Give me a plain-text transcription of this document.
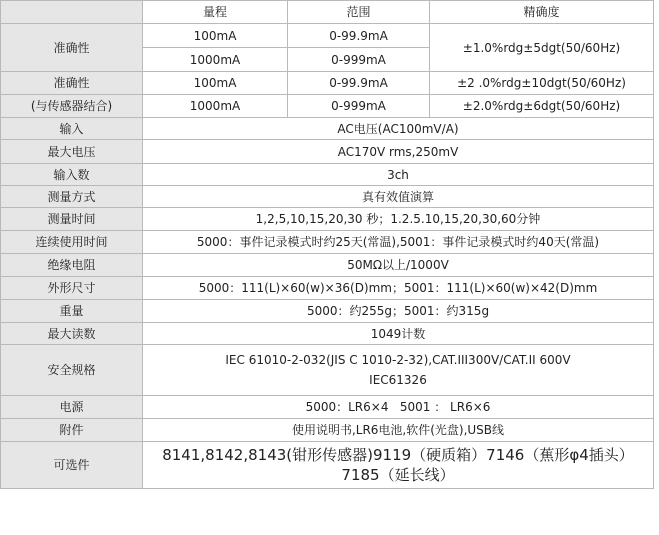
	量程	范围	精确度
准确性	100mA	0-99.9mA	±1.0%rdg±5dgt(50/60Hz)
	1000mA	0-999mA	
准确性	100mA	0-99.9mA	±2 .0%rdg±10dgt(50/60Hz)
(与传感器结合)	1000mA	0-999mA	±2.0%rdg±6dgt(50/60Hz)
输入	AC电压(AC100mV/A)		
最大电压	AC170V rms,250mV		
输入数	3ch		
测量方式	真有效值演算		
测量时间	1,2,5,10,15,20,30 秒；1.2.5.10,15,20,30,60分钟		
连续使用时间	5000：事件记录模式时约25天(常温),5001：事件记录模式时约40天(常温)		
绝缘电阻	50MΩ以上/1000V		
外形尺寸	5000：111(L)×60(w)×36(D)mm；5001：111(L)×60(w)×42(D)mm		
重量	5000：约255g；5001：约315g		
最大读数	1049计数		
安全规格	IEC 61010-2-032(JIS C 1010-2-32),CAT.III300V/CAT.II 600V
IEC61326		

电源	5000：LR6×4   5001 ： LR6×6		
附件	使用说明书,LR6电池,软件(光盘),USB线		
可选件	8141,8142,8143(钳形传感器)9119（硬质箱）7146（蕉形φ4插头）
7185（延长线）		
